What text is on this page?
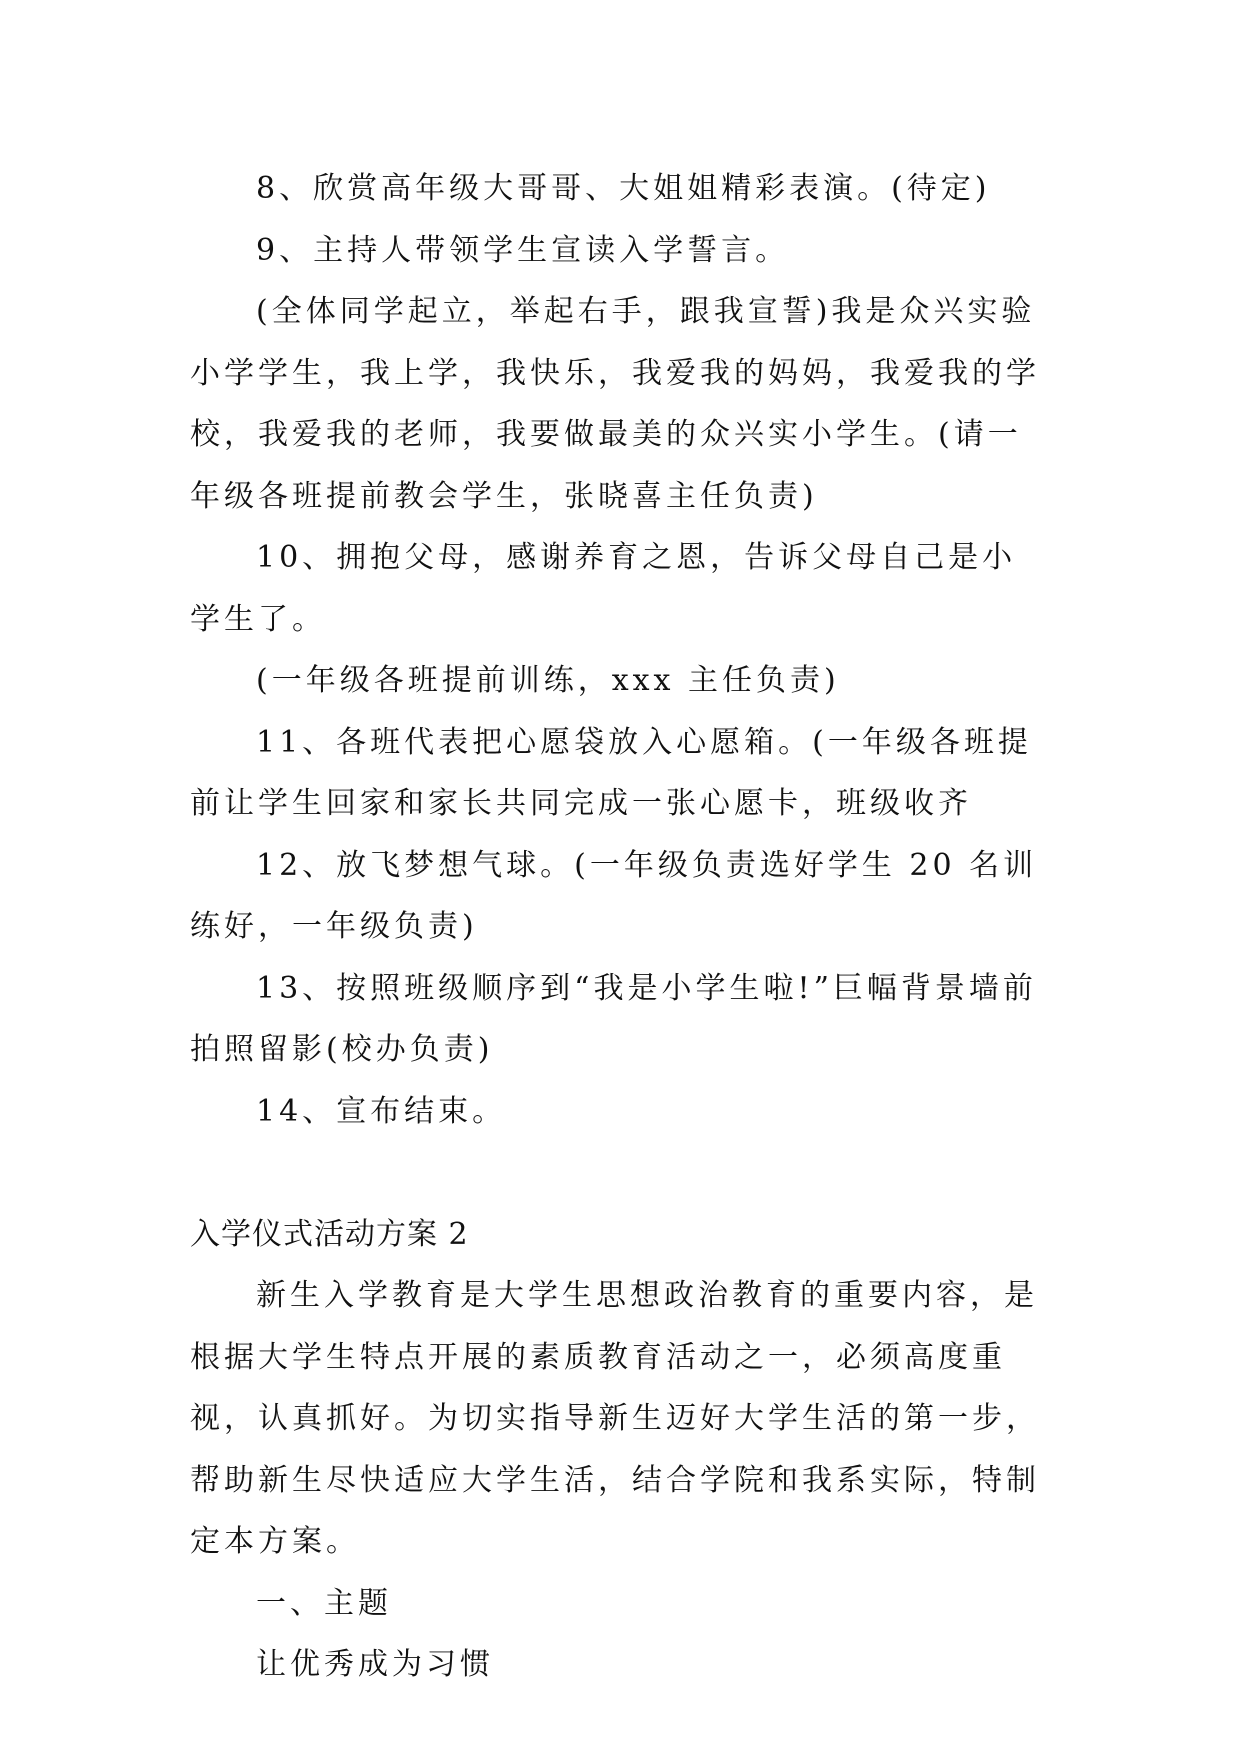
8、欣赏高年级大哥哥、大姐姐精彩表演。(待定)

9、主持人带领学生宣读入学誓言。

(全体同学起立，举起右手，跟我宣誓)我是众兴实验小学学生，我上学，我快乐，我爱我的妈妈，我爱我的学校，我爱我的老师，我要做最美的众兴实小学生。(请一年级各班提前教会学生，张晓喜主任负责)

10、拥抱父母，感谢养育之恩，告诉父母自己是小学生了。

(一年级各班提前训练，xxx 主任负责)

11、各班代表把心愿袋放入心愿箱。(一年级各班提前让学生回家和家长共同完成一张心愿卡，班级收齐

12、放飞梦想气球。(一年级负责选好学生 20 名训练好，一年级负责)

13、按照班级顺序到“我是小学生啦!”巨幅背景墙前拍照留影(校办负责)

14、宣布结束。

入学仪式活动方案 2

新生入学教育是大学生思想政治教育的重要内容，是根据大学生特点开展的素质教育活动之一，必须高度重视，认真抓好。为切实指导新生迈好大学生活的第一步，帮助新生尽快适应大学生活，结合学院和我系实际，特制定本方案。

一、主题

让优秀成为习惯
